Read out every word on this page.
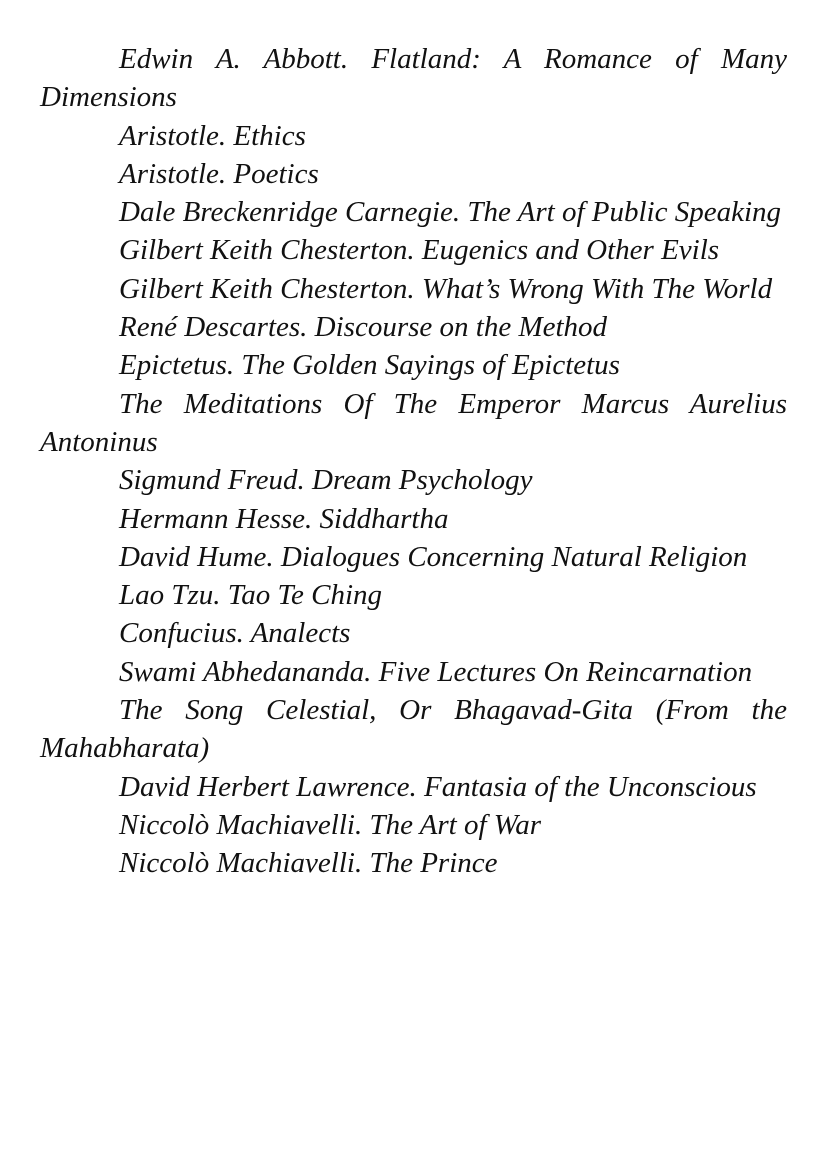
Edwin A. Abbott. Flatland: A Romance of Many Dimensions

Aristotle. Ethics

Aristotle. Poetics

Dale Breckenridge Carnegie. The Art of Public Speaking

Gilbert Keith Chesterton. Eugenics and Other Evils

Gilbert Keith Chesterton. What’s Wrong With The World

René Descartes. Discourse on the Method

Epictetus. The Golden Sayings of Epictetus

The Meditations Of The Emperor Marcus Aurelius Antoninus

Sigmund Freud. Dream Psychology

Hermann Hesse. Siddhartha

David Hume. Dialogues Concerning Natural Religion

Lao Tzu. Tao Te Ching

Confucius. Analects

Swami Abhedananda. Five Lectures On Reincarnation

The Song Celestial, Or Bhagavad-Gita (From the Mahabharata)

David Herbert Lawrence. Fantasia of the Unconscious

Niccolò Machiavelli. The Art of War

Niccolò Machiavelli. The Prince
